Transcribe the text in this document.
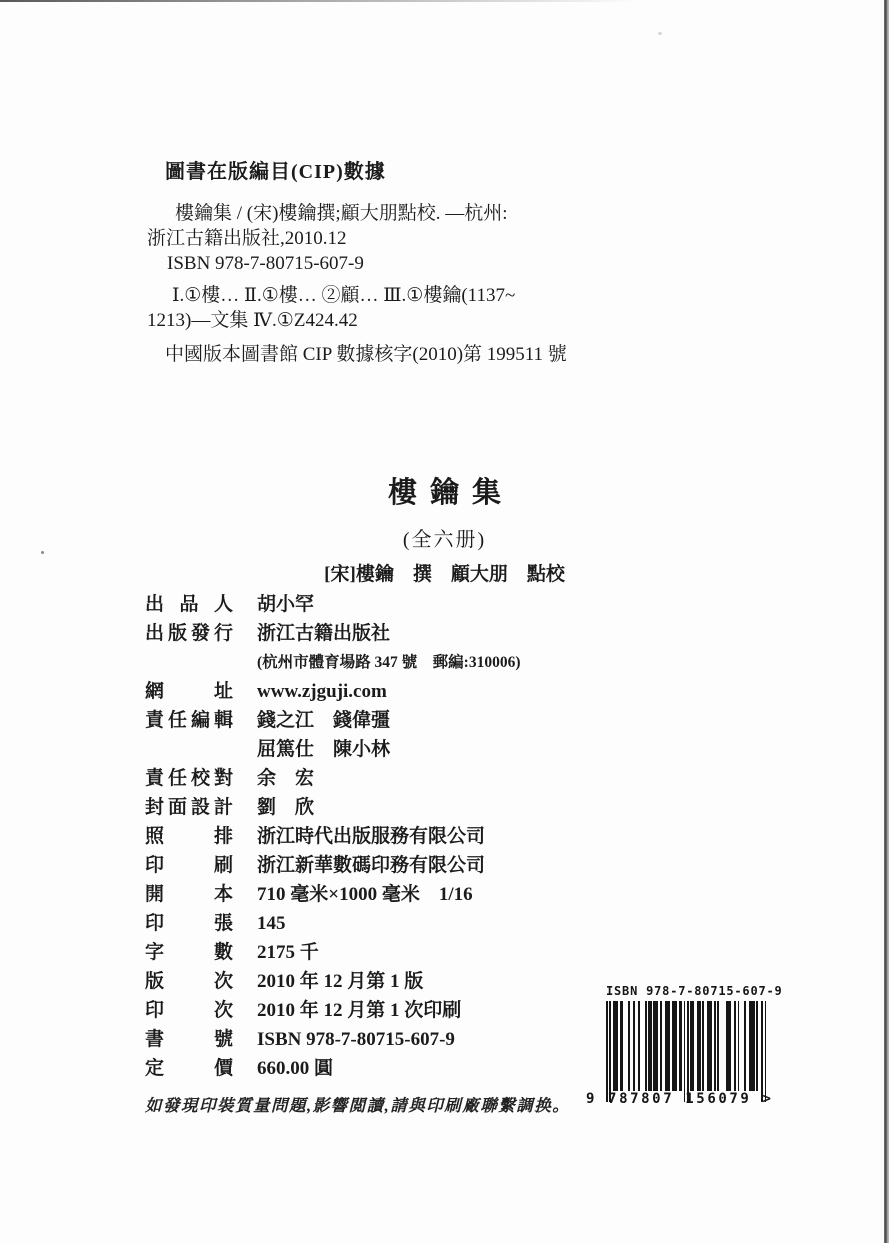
圖書在版編目(CIP)數據
樓鑰集 / (宋)樓鑰撰;顧大朋點校. —杭州:
浙江古籍出版社,2010.12
ISBN 978-7-80715-607-9
Ⅰ.①樓… Ⅱ.①樓… ②顧… Ⅲ.①樓鑰(1137~
1213)—文集 Ⅳ.①Z424.42
中國版本圖書館 CIP 數據核字(2010)第 199511 號
樓鑰集
(全六册)
[宋]樓鑰　撰　顧大朋　點校
出品人 胡小罕
出版發行 浙江古籍出版社
(杭州市體育場路 347 號　郵編:310006)
網址 www.zjguji.com
責任編輯 錢之江　錢偉彊
屈篤仕　陳小林
責任校對 余　宏
封面設計 劉　欣
照排 浙江時代出版服務有限公司
印刷 浙江新華數碼印務有限公司
開本 710 毫米×1000 毫米　1/16
印張 145
字數 2175 千
版次 2010 年 12 月第 1 版
印次 2010 年 12 月第 1 次印刷
書號 ISBN 978-7-80715-607-9
定價 660.00 圓
如發現印裝質量問題,影響閲讀,請與印刷廠聯繫調换。
ISBN 978-7-80715-607-9
9 787807 156079 >
